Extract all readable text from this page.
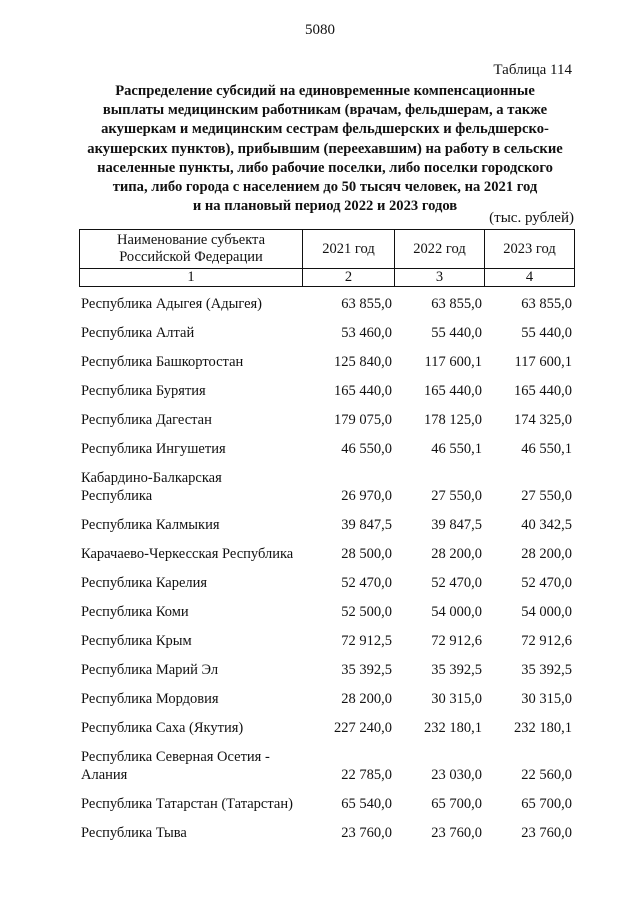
5080
Таблица 114
Распределение субсидий на единовременные компенсационные
выплаты медицинским работникам (врачам, фельдшерам, а также
акушеркам и медицинским сестрам фельдшерских и фельдшерско-
акушерских пунктов), прибывшим (переехавшим) на работу в сельские
населенные пункты, либо рабочие поселки, либо поселки городского
типа, либо города с населением до 50 тысяч человек, на 2021 год
и на плановый период 2022 и 2023 годов
(тыс. рублей)
Наименование субъекта
Российской Федерации	2021 год	2022 год	2023 год
1	2	3	4
Республика Адыгея (Адыгея)	63 855,0	63 855,0	63 855,0
Республика Алтай	53 460,0	55 440,0	55 440,0
Республика Башкортостан	125 840,0	117 600,1	117 600,1
Республика Бурятия	165 440,0	165 440,0	165 440,0
Республика Дагестан	179 075,0	178 125,0	174 325,0
Республика Ингушетия	46 550,0	46 550,1	46 550,1

Кабардино-Балкарская
Республика	26 970,0	27 550,0	27 550,0
Республика Калмыкия	39 847,5	39 847,5	40 342,5
Карачаево-Черкесская Республика	28 500,0	28 200,0	28 200,0
Республика Карелия	52 470,0	52 470,0	52 470,0
Республика Коми	52 500,0	54 000,0	54 000,0
Республика Крым	72 912,5	72 912,6	72 912,6
Республика Марий Эл	35 392,5	35 392,5	35 392,5
Республика Мордовия	28 200,0	30 315,0	30 315,0
Республика Саха (Якутия)	227 240,0	232 180,1	232 180,1

Республика Северная Осетия -
Алания	22 785,0	23 030,0	22 560,0
Республика Татарстан (Татарстан)	65 540,0	65 700,0	65 700,0
Республика Тыва	23 760,0	23 760,0	23 760,0
